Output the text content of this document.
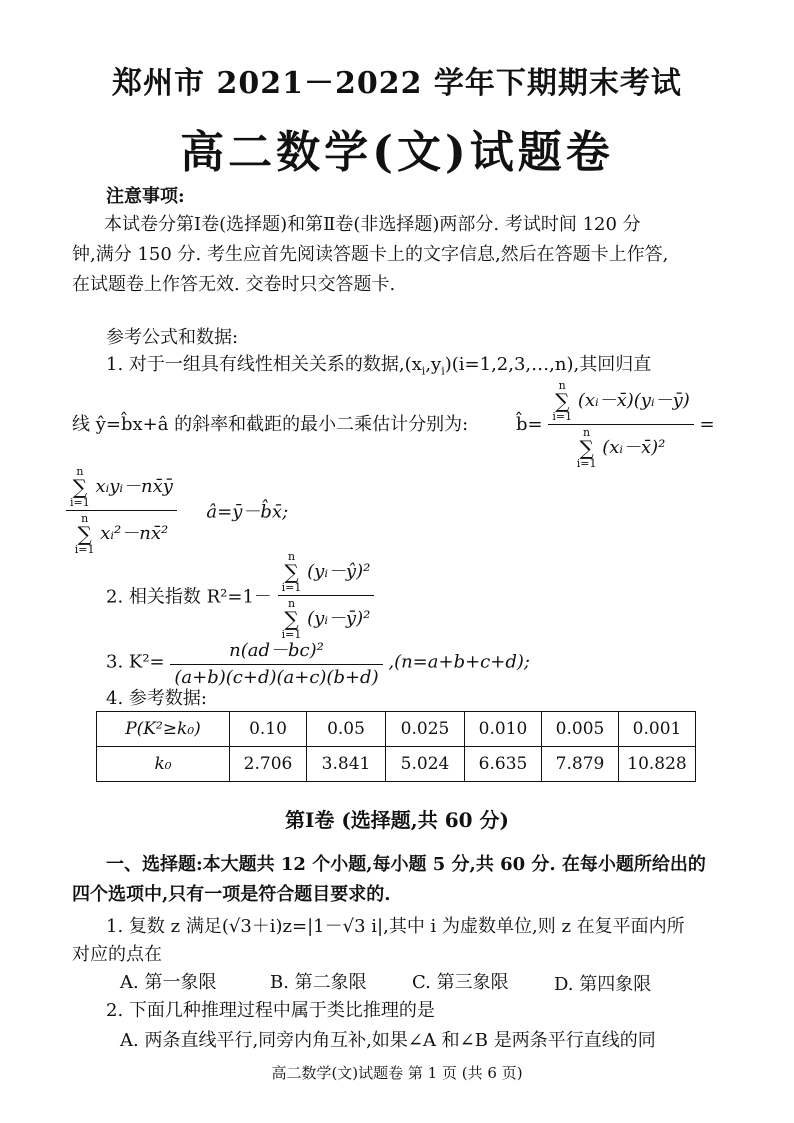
郑州市 2021－2022 学年下期期末考试
高二数学(文)试题卷
注意事项:
本试卷分第Ⅰ卷(选择题)和第Ⅱ卷(非选择题)两部分. 考试时间 120 分
钟,满分 150 分. 考生应首先阅读答题卡上的文字信息,然后在答题卡上作答,
在试题卷上作答无效. 交卷时只交答题卡.
参考公式和数据:
1. 对于一组具有线性相关关系的数据$,(x_i,y_i)(i=1,2,3,\dots,n)$,其回归直
线 ŷ=b̂x+â 的斜率和截距的最小二乘估计分别为:	b̂= n
∑
i=1 (xᵢ－x̄)(yᵢ－ȳ)
n
∑
i=1 (xᵢ－x̄)² =
n
∑
i=1 xᵢyᵢ－nx̄ȳ
n
∑
i=1 xᵢ²－nx̄² â=ȳ－b̂x̄;
2. 相关指数 R²=1－ n
∑
i=1 (yᵢ－ŷ)²
n
∑
i=1 (yᵢ－ȳ)²
3. $K^2= \frac{\text{n(ad－bc)²}}{(a+b)(c+d)(a+c)(b+d)} ,(n=a+b+c+d)$;
4. 参考数据:
P(K²≥k₀)	0.10	0.05	0.025	0.010	0.005	0.001
k₀	2.706	3.841	5.024	6.635	7.879	10.828
第Ⅰ卷 (选择题,共 60 分)
一、选择题:本大题共 12 个小题,每小题 5 分,共 60 分. 在每小题所给出的
四个选项中,只有一项是符合题目要求的.
1. 复数 z 满足(√3＋i)z=|1－√3 i|,其中 i 为虚数单位,则 z 在复平面内所
对应的点在
A. 第一象限	B. 第二象限	C. 第三象限	D. 第四象限
2. 下面几种推理过程中属于类比推理的是
A. 两条直线平行,同旁内角互补,如果∠A 和∠B 是两条平行直线的同
高二数学(文)试题卷 第 1 页 (共 6 页)
